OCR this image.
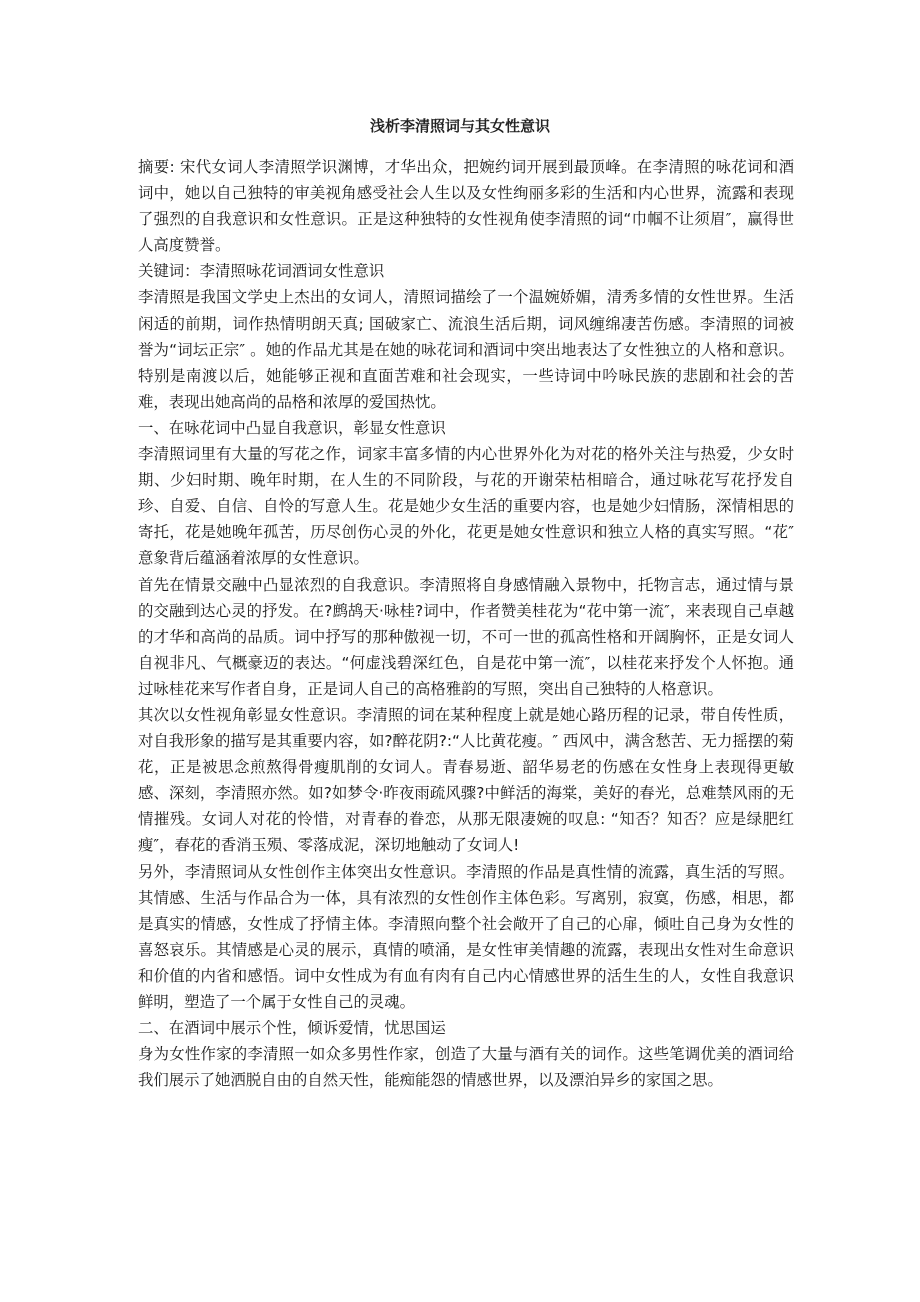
浅析李清照词与其女性意识

摘要: 宋代女词人李清照学识渊博，才华出众，把婉约词开展到最顶峰。在李清照的咏花词和酒词中，她以自己独特的审美视角感受社会人生以及女性绚丽多彩的生活和内心世界，流露和表现了强烈的自我意识和女性意识。正是这种独特的女性视角使李清照的词“巾帼不让须眉″，赢得世人高度赞誉。

关键词：李清照咏花词酒词女性意识

李清照是我国文学史上杰出的女词人，清照词描绘了一个温婉娇媚，清秀多情的女性世界。生活闲适的前期，词作热情明朗天真; 国破家亡、流浪生活后期，词风缠绵凄苦伤感。李清照的词被誉为“词坛正宗″ 。她的作品尤其是在她的咏花词和酒词中突出地表达了女性独立的人格和意识。特别是南渡以后，她能够正视和直面苦难和社会现实，一些诗词中吟咏民族的悲剧和社会的苦难，表现出她高尚的品格和浓厚的爱国热忱。

一、在咏花词中凸显自我意识，彰显女性意识

李清照词里有大量的写花之作，词家丰富多情的内心世界外化为对花的格外关注与热爱，少女时期、少妇时期、晚年时期，在人生的不同阶段，与花的开谢荣枯相暗合，通过咏花写花抒发自珍、自爱、自信、自怜的写意人生。花是她少女生活的重要内容，也是她少妇情肠，深情相思的寄托，花是她晚年孤苦，历尽创伤心灵的外化，花更是她女性意识和独立人格的真实写照。“花″ 意象背后蕴涵着浓厚的女性意识。

首先在情景交融中凸显浓烈的自我意识。李清照将自身感情融入景物中，托物言志，通过情与景的交融到达心灵的抒发。在?鹧鸪天·咏桂?词中，作者赞美桂花为“花中第一流″，来表现自己卓越的才华和高尚的品质。词中抒写的那种傲视一切，不可一世的孤高性格和开阔胸怀，正是女词人自视非凡、气概豪迈的表达。“何虚浅碧深红色，自是花中第一流″，以桂花来抒发个人怀抱。通过咏桂花来写作者自身，正是词人自己的高格雅韵的写照，突出自己独特的人格意识。

其次以女性视角彰显女性意识。李清照的词在某种程度上就是她心路历程的记录，带自传性质，对自我形象的描写是其重要内容，如?醉花阴?:“人比黄花瘦。″ 西风中，满含愁苦、无力摇摆的菊花，正是被思念煎熬得骨瘦肌削的女词人。青春易逝、韶华易老的伤感在女性身上表现得更敏感、深刻，李清照亦然。如?如梦令·昨夜雨疏风骤?中鲜活的海棠，美好的春光，总难禁风雨的无情摧残。女词人对花的怜惜，对青春的眷恋，从那无限凄婉的叹息: “知否？知否？应是绿肥红瘦″，春花的香消玉殒、零落成泥，深切地触动了女词人!

另外，李清照词从女性创作主体突出女性意识。李清照的作品是真性情的流露，真生活的写照。其情感、生活与作品合为一体，具有浓烈的女性创作主体色彩。写离别，寂寞，伤感，相思，都是真实的情感，女性成了抒情主体。李清照向整个社会敞开了自己的心扉，倾吐自己身为女性的喜怒哀乐。其情感是心灵的展示，真情的喷涌，是女性审美情趣的流露，表现出女性对生命意识和价值的内省和感悟。词中女性成为有血有肉有自己内心情感世界的活生生的人，女性自我意识鲜明，塑造了一个属于女性自己的灵魂。

二、在酒词中展示个性，倾诉爱情，忧思国运

身为女性作家的李清照一如众多男性作家，创造了大量与酒有关的词作。这些笔调优美的酒词给我们展示了她洒脱自由的自然天性，能痴能怨的情感世界，以及漂泊异乡的家国之思。
